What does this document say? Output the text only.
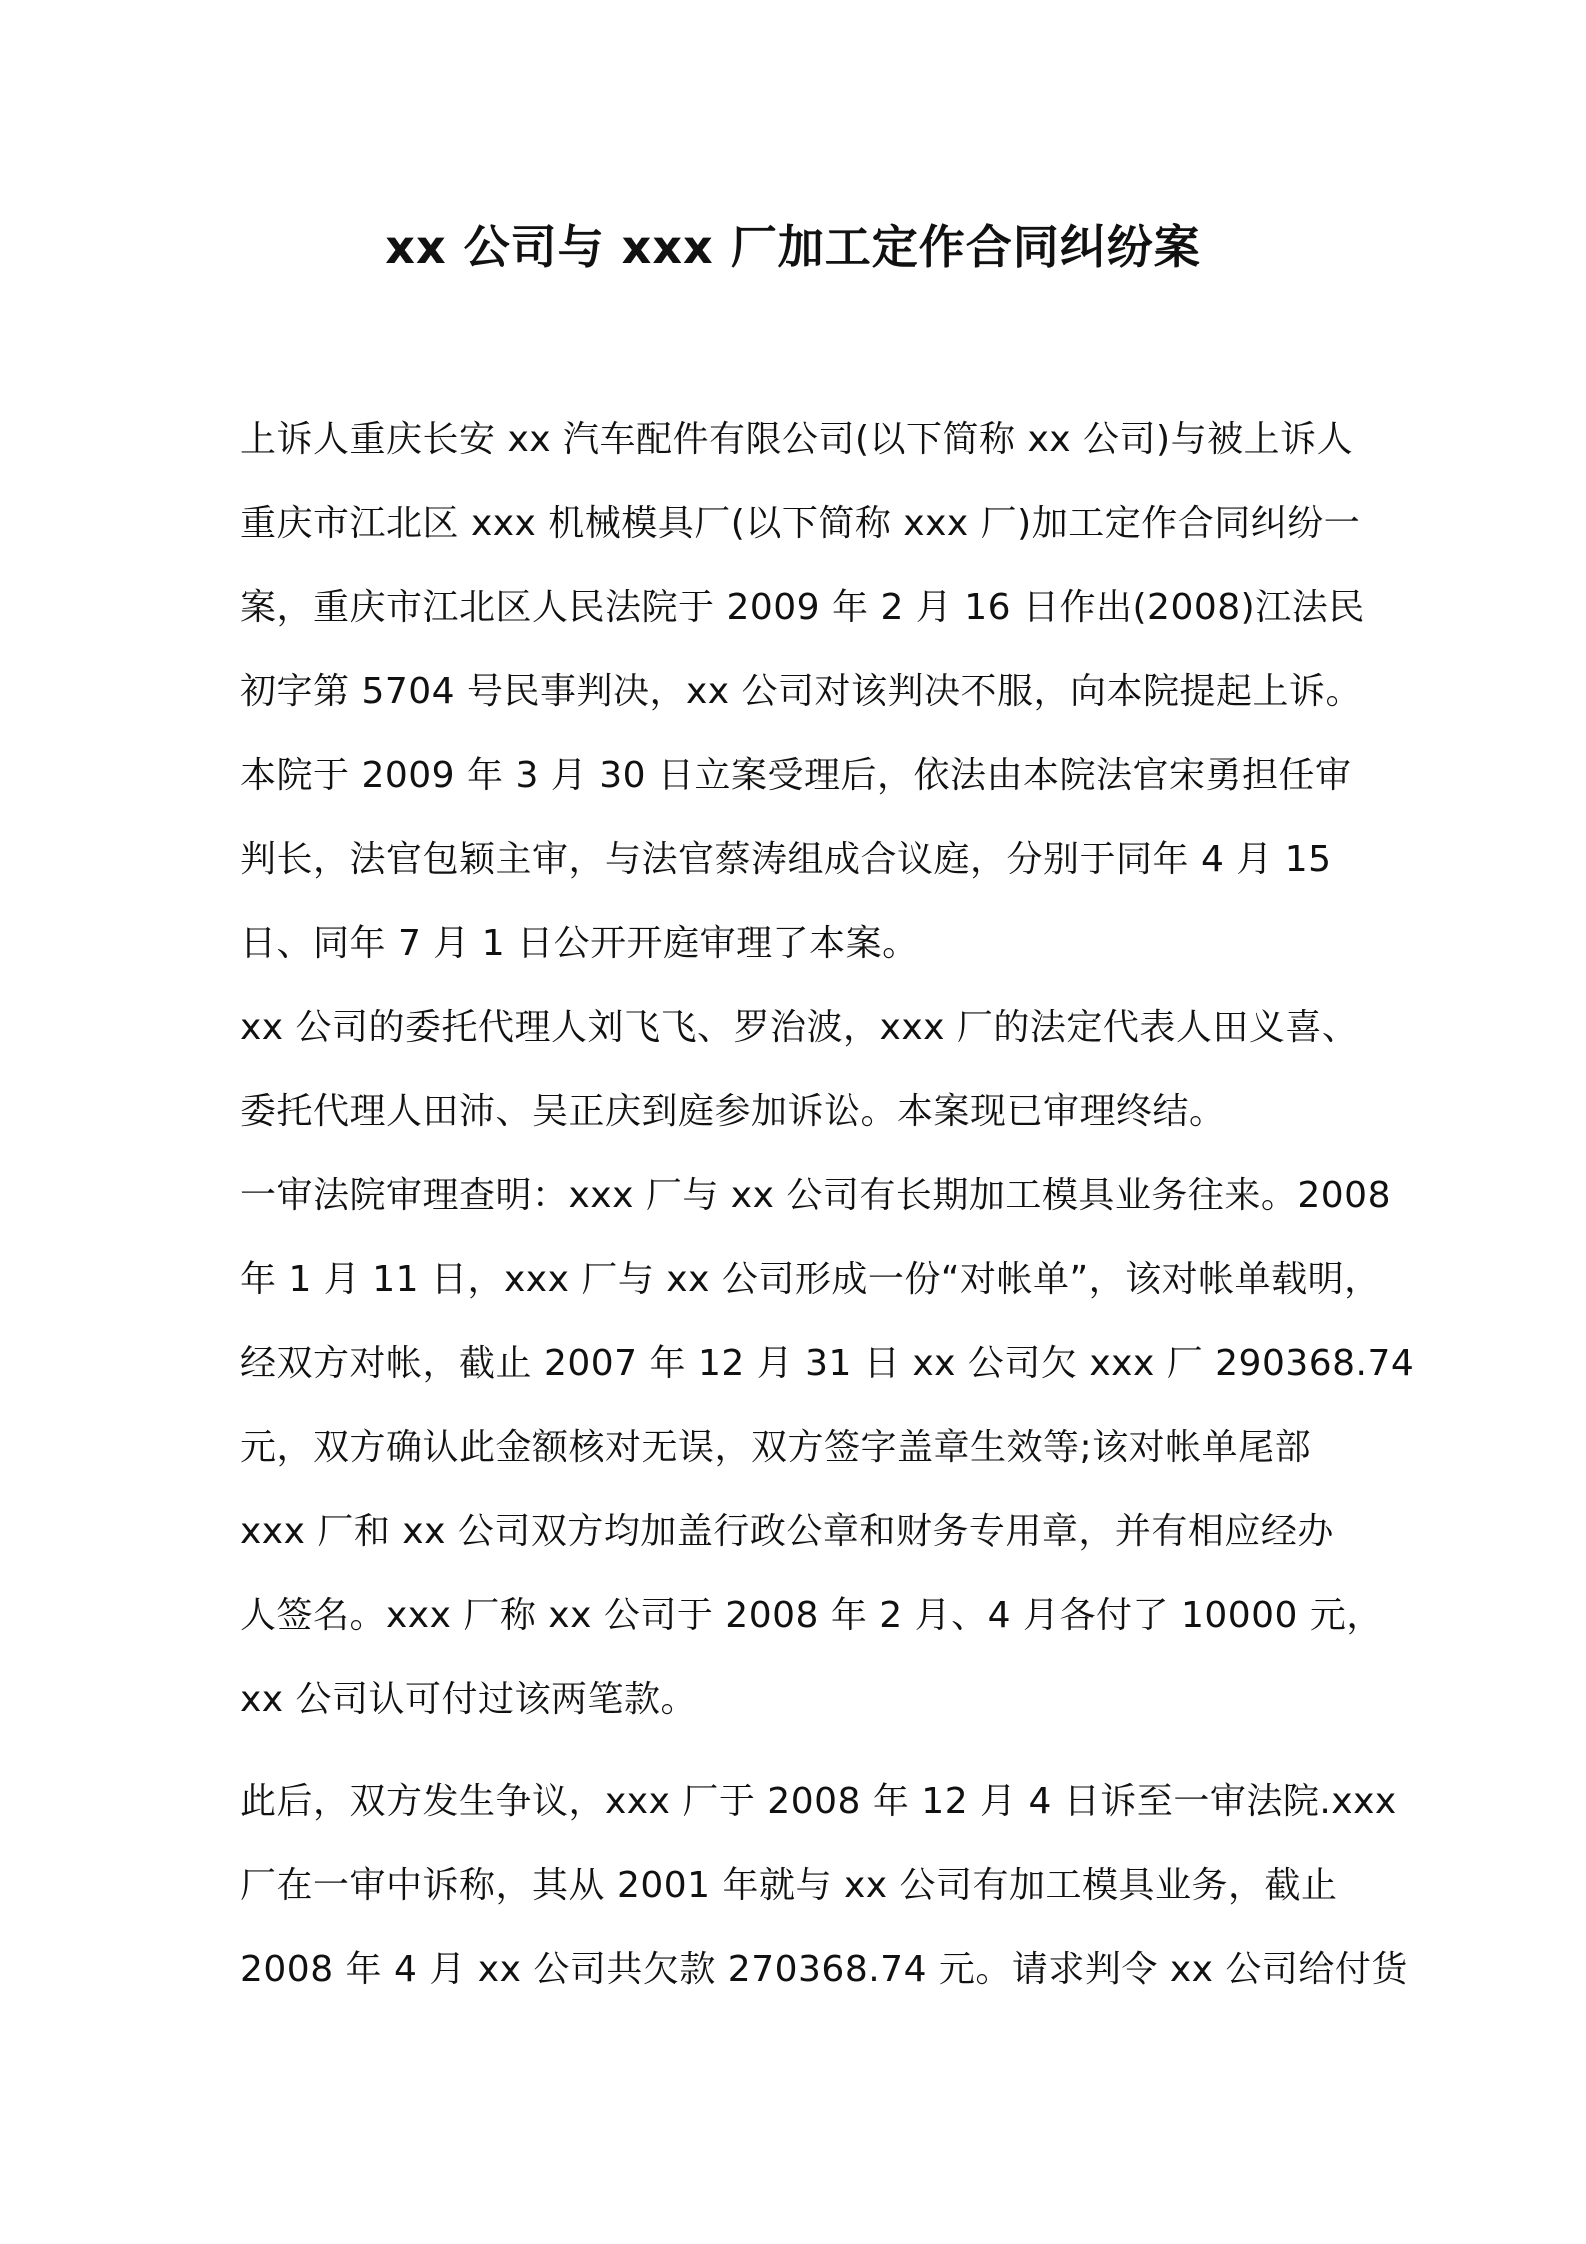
xx 公司与 xxx 厂加工定作合同纠纷案
上诉人重庆长安 xx 汽车配件有限公司(以下简称 xx 公司)与被上诉人
重庆市江北区 xxx 机械模具厂(以下简称 xxx 厂)加工定作合同纠纷一
案，重庆市江北区人民法院于 2009 年 2 月 16 日作出(2008)江法民
初字第 5704 号民事判决，xx 公司对该判决不服，向本院提起上诉。
本院于 2009 年 3 月 30 日立案受理后，依法由本院法官宋勇担任审
判长，法官包颖主审，与法官蔡涛组成合议庭，分别于同年 4 月 15
日、同年 7 月 1 日公开开庭审理了本案。
xx 公司的委托代理人刘飞飞、罗治波，xxx 厂的法定代表人田义喜、
委托代理人田沛、吴正庆到庭参加诉讼。本案现已审理终结。
一审法院审理查明：xxx 厂与 xx 公司有长期加工模具业务往来。2008
年 1 月 11 日，xxx 厂与 xx 公司形成一份“对帐单”，该对帐单载明，
经双方对帐，截止 2007 年 12 月 31 日 xx 公司欠 xxx 厂 290368.74
元，双方确认此金额核对无误，双方签字盖章生效等;该对帐单尾部
xxx 厂和 xx 公司双方均加盖行政公章和财务专用章，并有相应经办
人签名。xxx 厂称 xx 公司于 2008 年 2 月、4 月各付了 10000 元，
xx 公司认可付过该两笔款。
此后，双方发生争议，xxx 厂于 2008 年 12 月 4 日诉至一审法院.xxx
厂在一审中诉称，其从 2001 年就与 xx 公司有加工模具业务，截止
2008 年 4 月 xx 公司共欠款 270368.74 元。请求判令 xx 公司给付货
